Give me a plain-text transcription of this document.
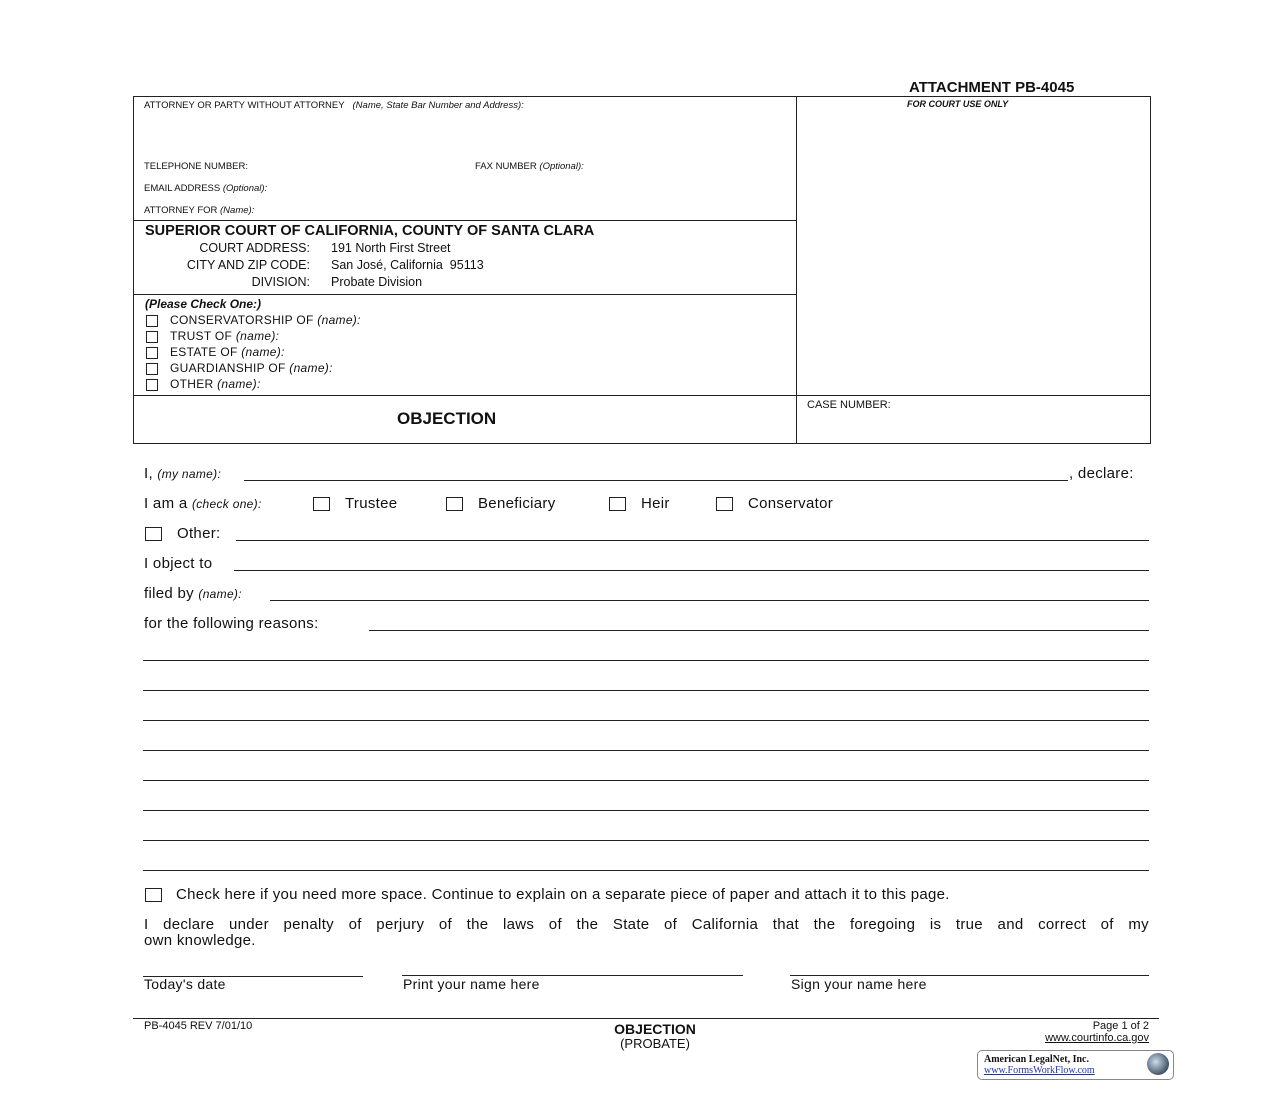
ATTACHMENT PB-4045
ATTORNEY OR PARTY WITHOUT ATTORNEY (Name, State Bar Number and Address):
TELEPHONE NUMBER:	FAX NUMBER (Optional):
EMAIL ADDRESS (Optional):
ATTORNEY FOR (Name):
FOR COURT USE ONLY
SUPERIOR COURT OF CALIFORNIA, COUNTY OF SANTA CLARA
COURT ADDRESS: 191 North First Street
CITY AND ZIP CODE: San José, California  95113
DIVISION: Probate Division
(Please Check One:)
CONSERVATORSHIP OF (name):
TRUST OF (name):
ESTATE OF (name):
GUARDIANSHIP OF (name):
OTHER (name):
OBJECTION
CASE NUMBER:
I, (my name):	, declare:
I am a (check one):	Trustee	Beneficiary	Heir	Conservator
Other:
I object to
filed by (name):
for the following reasons:
Check here if you need more space. Continue to explain on a separate piece of paper and attach it to this page.
I declare under penalty of perjury of the laws of the State of California that the foregoing is true and correct of my
own knowledge.
Today's date	Print your name here	Sign your name here
PB-4045 REV 7/01/10	OBJECTION
(PROBATE)
Page 1 of 2
www.courtinfo.ca.gov
American LegalNet, Inc.
www.FormsWorkFlow.com
